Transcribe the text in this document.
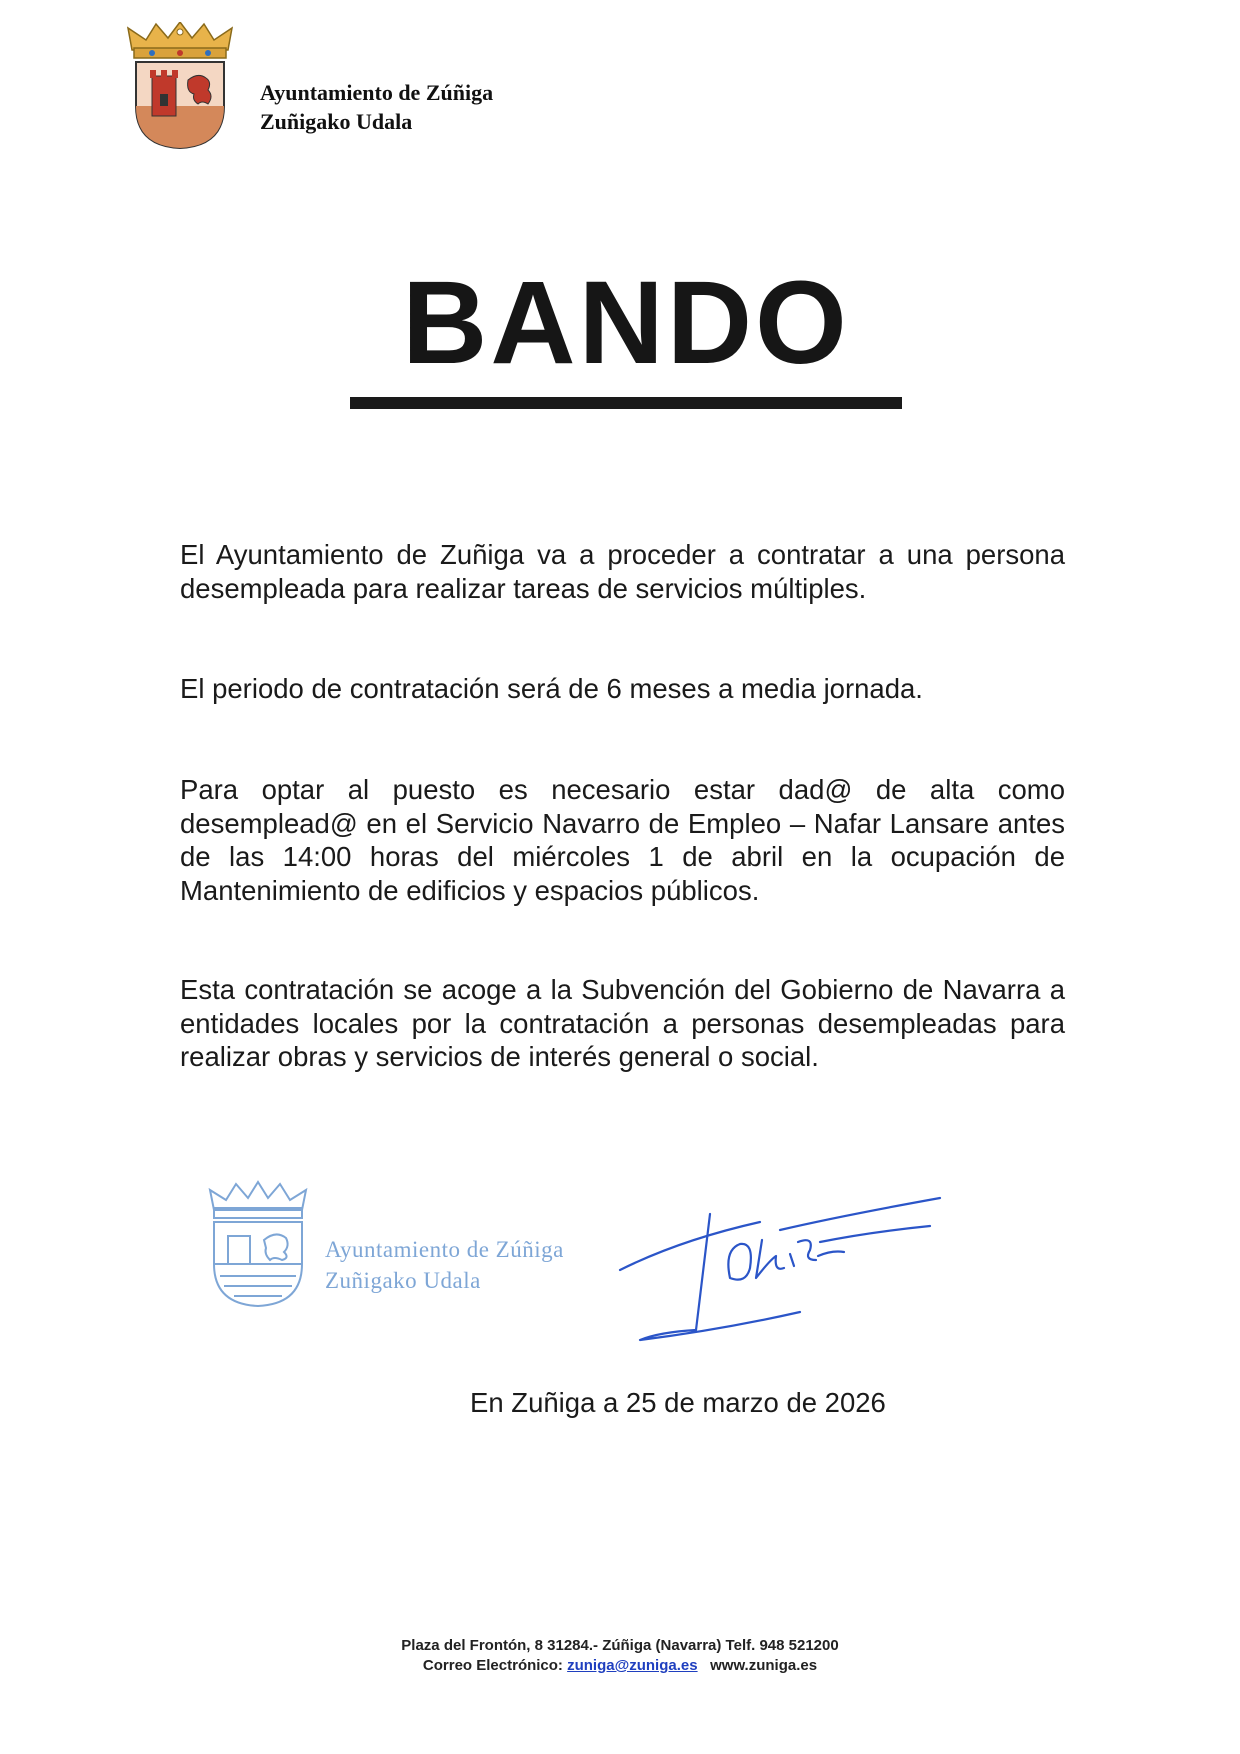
Ayuntamiento de Zúñiga
Zuñigako Udala
BANDO
El Ayuntamiento de Zuñiga va a proceder a contratar a una persona desempleada para realizar tareas de servicios múltiples.
El periodo de contratación será de 6 meses a media jornada.
Para optar al puesto es necesario estar dad@ de alta como desemplead@ en el Servicio Navarro de Empleo – Nafar Lansare antes de las 14:00 horas del miércoles 1 de abril en la ocupación de Mantenimiento de edificios y espacios públicos.
Esta contratación se acoge a la Subvención del Gobierno de Navarra a entidades locales por la contratación a personas desempleadas para realizar obras y servicios de interés general o social.
Ayuntamiento de Zúñiga
Zuñigako Udala
En Zuñiga a 25 de marzo de 2026
Plaza del Frontón, 8 31284.- Zúñiga (Navarra) Telf. 948 521200
Correo Electrónico: zuniga@zuniga.es www.zuniga.es
